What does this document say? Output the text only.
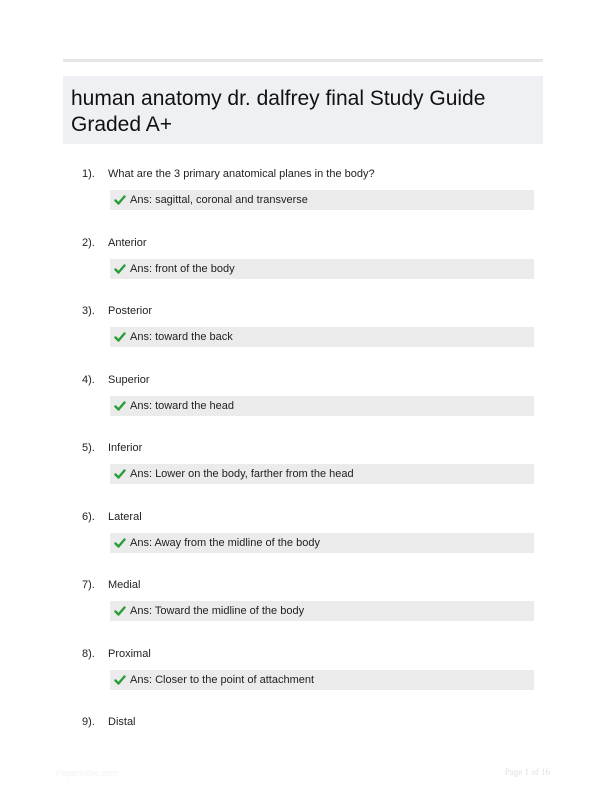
human anatomy dr. dalfrey final Study Guide Graded A+
1). What are the 3 primary anatomical planes in the body?
Ans: sagittal, coronal and transverse
2). Anterior
Ans: front of the body
3). Posterior
Ans: toward the back
4). Superior
Ans: toward the head
5). Inferior
Ans: Lower on the body, farther from the head
6). Lateral
Ans: Away from the midline of the body
7). Medial
Ans: Toward the midline of the body
8). Proximal
Ans: Closer to the point of attachment
9). Distal
Paperbible.com	Page 1 of 16
